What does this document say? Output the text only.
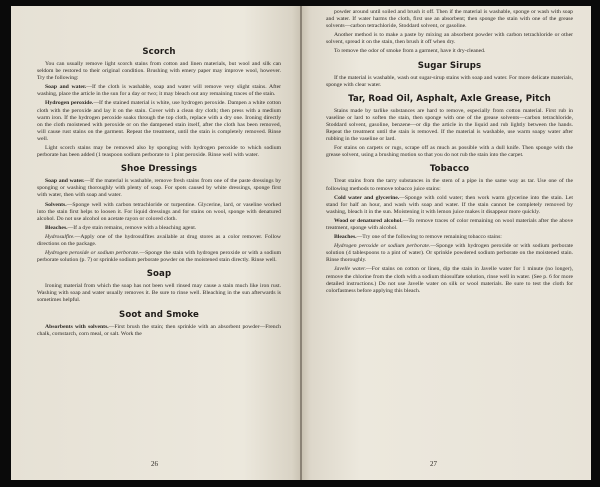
Scorch

You can usually remove light scorch stains from cotton and linen materials, but wool and silk can seldom be restored to their original condition. Brushing with emery paper may improve wool, however. Try the following:

Soap and water.—If the cloth is washable, soap and water will remove very slight stains. After washing, place the article in the sun for a day or two; it may bleach out any remaining traces of the stain.

Hydrogen peroxide.—If the stained material is white, use hydrogen peroxide. Dampen a white cotton cloth with the peroxide and lay it on the stain. Cover with a clean dry cloth; then press with a medium warm iron. If the hydrogen peroxide soaks through the top cloth, replace with a dry one. Ironing directly on the cloth moistened with peroxide or on the dampened stain itself, after the cloth has been removed, will cause rust stains on the garment. Repeat the treatment, until the stain is completely removed. Rinse well.

Light scorch stains may be removed also by sponging with hydrogen peroxide to which sodium perborate has been added (1 teaspoon sodium perborate to 1 pint peroxide. Rinse well with water.

Shoe Dressings

Soap and water.—If the material is washable, remove fresh stains from one of the paste dressings by sponging or washing thoroughly with plenty of soap. For spots caused by white dressings, sponge first with water, then with soap and water.

Solvents.—Sponge well with carbon tetrachloride or turpentine. Glycerine, lard, or vaseline worked into the stain first helps to loosen it. For liquid dressings and for stains on wool, sponge with denatured alcohol. Do not use alcohol on acetate rayon or colored cloth.

Bleaches.—If a dye stain remains, remove with a bleaching agent.

Hydrosulfite.—Apply one of the hydrosulfites available at drug stores as a color remover. Follow directions on the package.

Hydrogen peroxide or sodium perborate.—Sponge the stain with hydrogen peroxide or with a sodium perborate solution (p. 7) or sprinkle sodium perborate powder on the moistened stain directly. Rinse well.

Soap

Ironing material from which the soap has not been well rinsed may cause a stain much like iron rust. Washing with soap and water usually removes it. Be sure to rinse well. Bleaching in the sun afterwards is sometimes helpful.

Soot and Smoke

Absorbents with solvents.—First brush the stain; then sprinkle with an absorbent powder—French chalk, cornstarch, corn meal, or salt. Work the

26

powder around until soiled and brush it off. Then if the material is washable, sponge or wash with soap and water. If water harms the cloth, first use an absorbent; then sponge the stain with one of the grease solvents—carbon tetrachloride, Stoddard solvent, or gasoline.

Another method is to make a paste by mixing an absorbent powder with carbon tetrachloride or other solvent, spread it on the stain, then brush it off when dry.

To remove the odor of smoke from a garment, have it dry-cleaned.

Sugar Sirups

If the material is washable, wash out sugar-sirup stains with soap and water. For more delicate materials, sponge with clear water.

Tar, Road Oil, Asphalt, Axle Grease, Pitch

Stains made by tarlike substances are hard to remove, especially from cotton material. First rub in vaseline or lard to soften the stain, then sponge with one of the grease solvents—carbon tetrachloride, Stoddard solvent, gasoline, benzene—or dip the article in the liquid and rub lightly between the hands. Repeat the treatment until the stain is removed. If the material is washable, use warm soapy water after rubbing in the vaseline or lard.

For stains on carpets or rugs, scrape off as much as possible with a dull knife. Then sponge with the grease solvent, using a brushing motion so that you do not rub the stain into the carpet.

Tobacco

Treat stains from the tarry substances in the stem of a pipe in the same way as tar. Use one of the following methods to remove tobacco juice stains:

Cold water and glycerine.—Sponge with cold water; then work warm glycerine into the stain. Let stand for half an hour, and wash with soap and water. If the stain cannot be completely removed by washing, bleach it in the sun. Moistening it with lemon juice makes it disappear more quickly.

Wood or denatured alcohol.—To remove traces of color remaining on wool materials after the above treatment, sponge with alcohol.

Bleaches.—Try one of the following to remove remaining tobacco stains:

Hydrogen peroxide or sodium perborate.—Sponge with hydrogen peroxide or with sodium perborate solution (4 tablespoons to a pint of water). Or sprinkle powdered sodium perborate on the moistened stain. Rinse thoroughly.

Javelle water.—For stains on cotton or linen, dip the stain in Javelle water for 1 minute (no longer), remove the chlorine from the cloth with a sodium thiosulfate solution, rinse well in water. (See p. 6 for more detailed instructions.) Do not use Javelle water on silk or wool materials. Be sure to test the cloth for colorfastness before applying this bleach.

27
